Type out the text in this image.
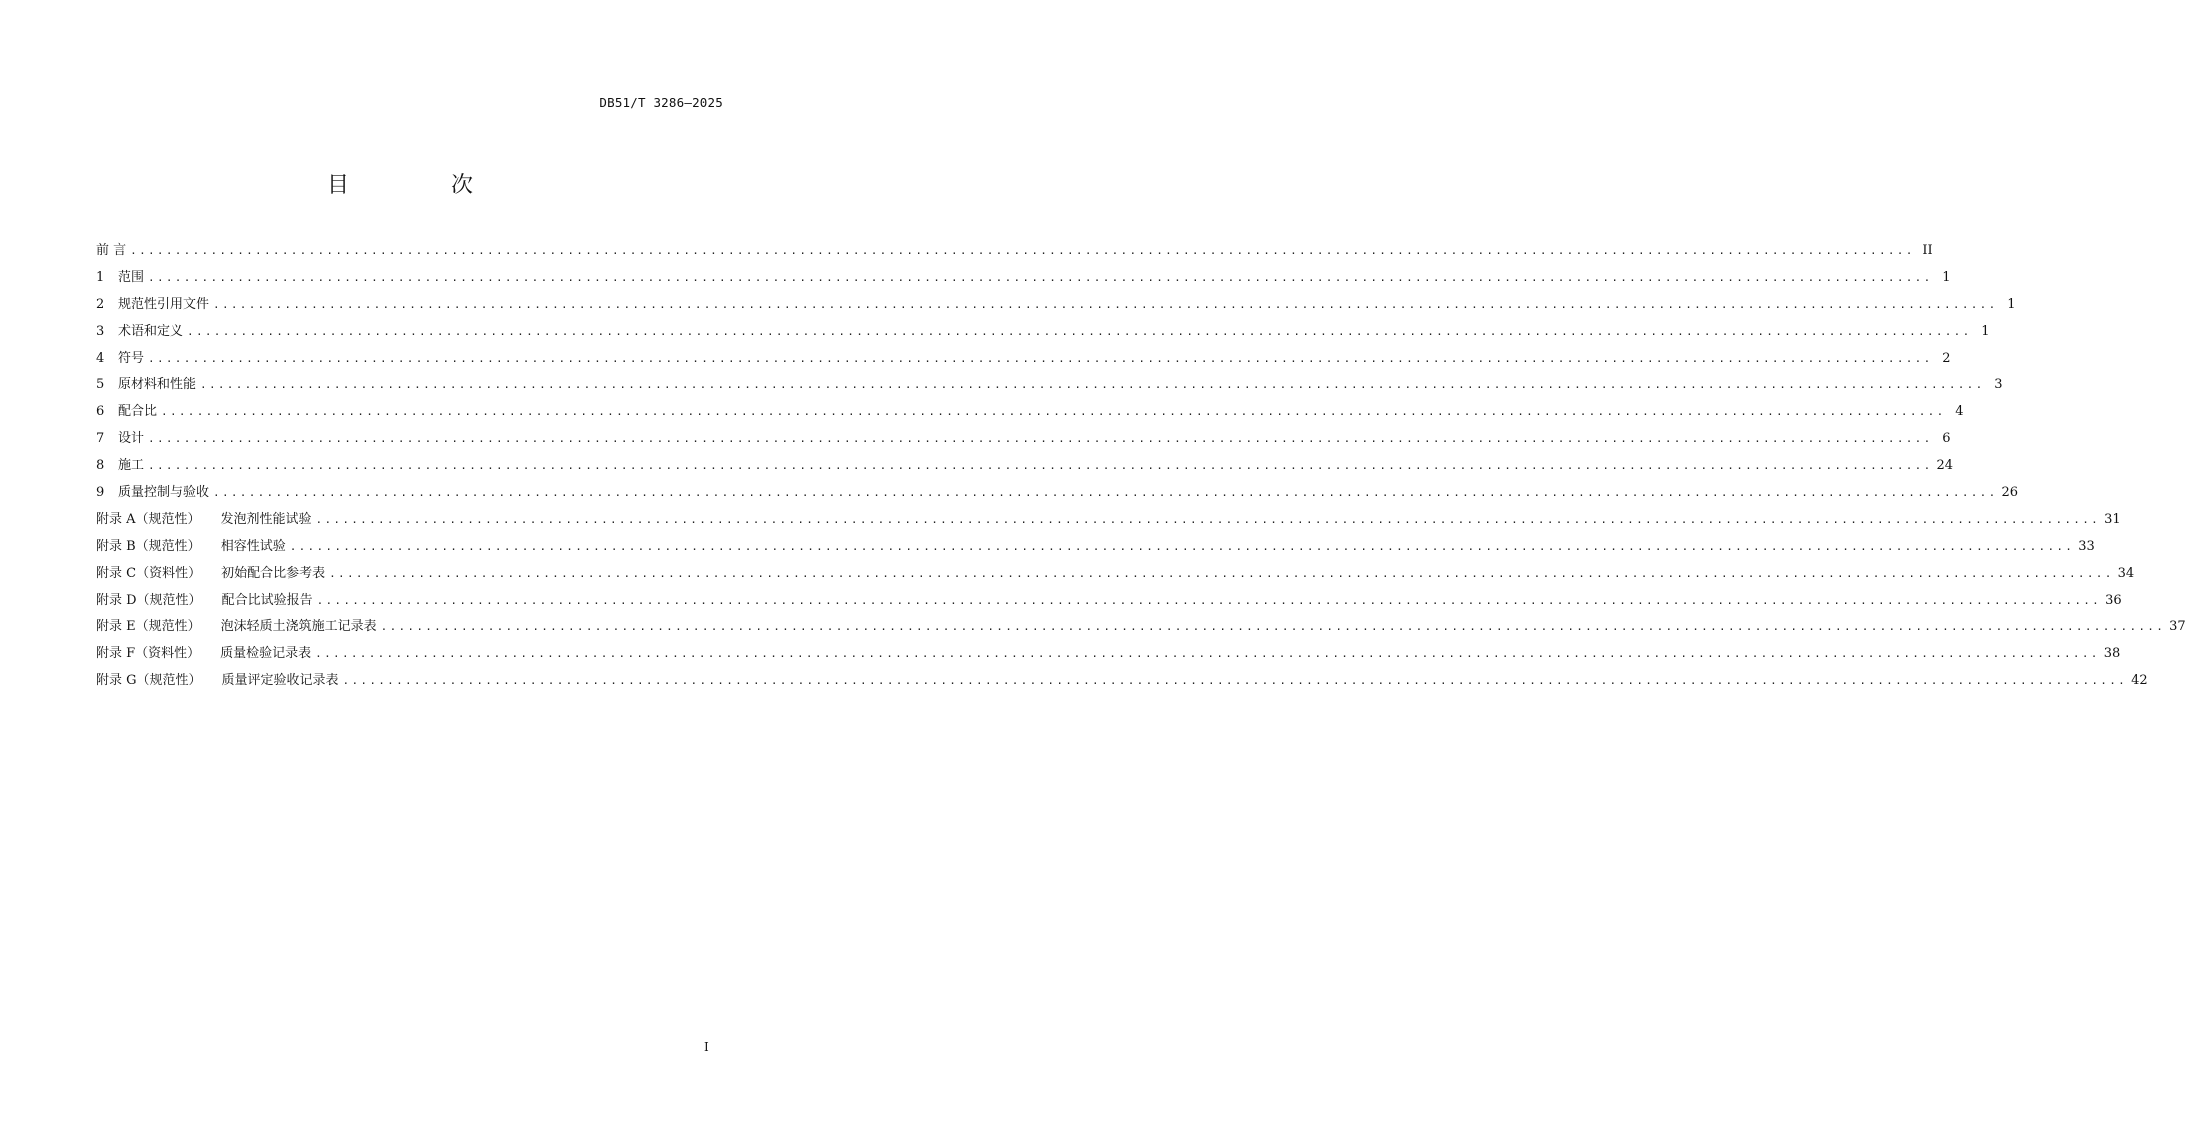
DB51/T 3286—2025
目　次
前 言 ........................................................................................................................................................................................................ II
1 范围 ........................................................................................................................................................................................................ 1
2 规范性引用文件 ........................................................................................................................................................................................................ 1
3 术语和定义 ........................................................................................................................................................................................................ 1
4 符号 ........................................................................................................................................................................................................ 2
5 原材料和性能 ........................................................................................................................................................................................................ 3
6 配合比 ........................................................................................................................................................................................................ 4
7 设计 ........................................................................................................................................................................................................ 6
8 施工 ........................................................................................................................................................................................................ 24
9 质量控制与验收 ........................................................................................................................................................................................................ 26
附录 A（规范性） 发泡剂性能试验 ........................................................................................................................................................................................................ 31
附录 B（规范性） 相容性试验 ........................................................................................................................................................................................................ 33
附录 C（资料性） 初始配合比参考表 ........................................................................................................................................................................................................ 34
附录 D（规范性） 配合比试验报告 ........................................................................................................................................................................................................ 36
附录 E（规范性） 泡沫轻质土浇筑施工记录表 ........................................................................................................................................................................................................ 37
附录 F（资料性） 质量检验记录表 ........................................................................................................................................................................................................ 38
附录 G（规范性） 质量评定验收记录表 ........................................................................................................................................................................................................ 42
I
